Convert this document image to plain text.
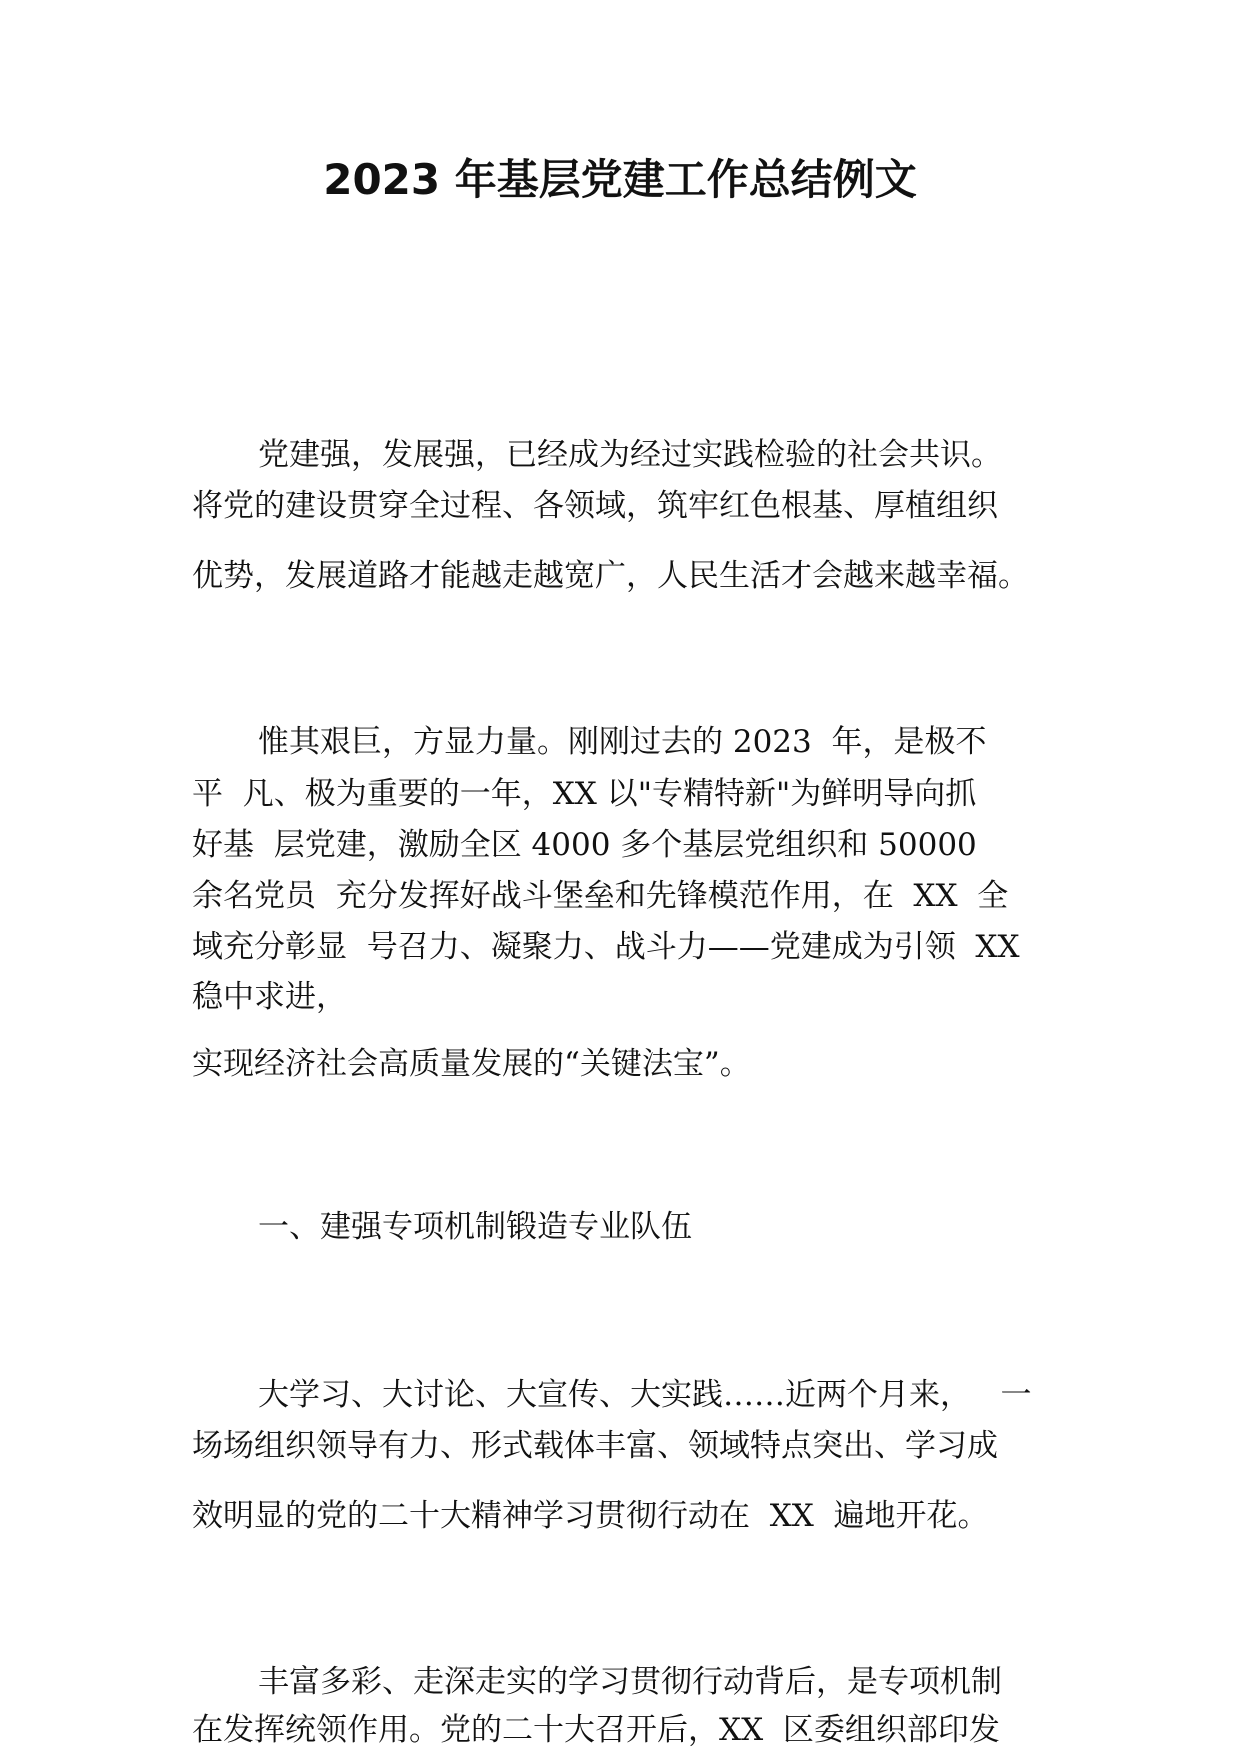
2023 年基层党建工作总结例文
党建强，发展强，已经成为经过实践检验的社会共识。
将党的建设贯穿全过程、各领域，筑牢红色根基、厚植组织
优势，发展道路才能越走越宽广，人民生活才会越来越幸福。
惟其艰巨，方显力量。刚刚过去的 2023  年，是极不
平  凡、极为重要的一年，XX 以"专精特新"为鲜明导向抓
好基  层党建，激励全区 4000 多个基层党组织和 50000
余名党员  充分发挥好战斗堡垒和先锋模范作用，在  XX  全
域充分彰显  号召力、凝聚力、战斗力——党建成为引领  XX
稳中求进，
实现经济社会高质量发展的“关键法宝”。
一、建强专项机制锻造专业队伍
大学习、大讨论、大宣传、大实践……近两个月来，   一
场场组织领导有力、形式载体丰富、领域特点突出、学习成
效明显的党的二十大精神学习贯彻行动在  XX  遍地开花。
丰富多彩、走深走实的学习贯彻行动背后，是专项机制
在发挥统领作用。党的二十大召开后，XX  区委组织部印发
